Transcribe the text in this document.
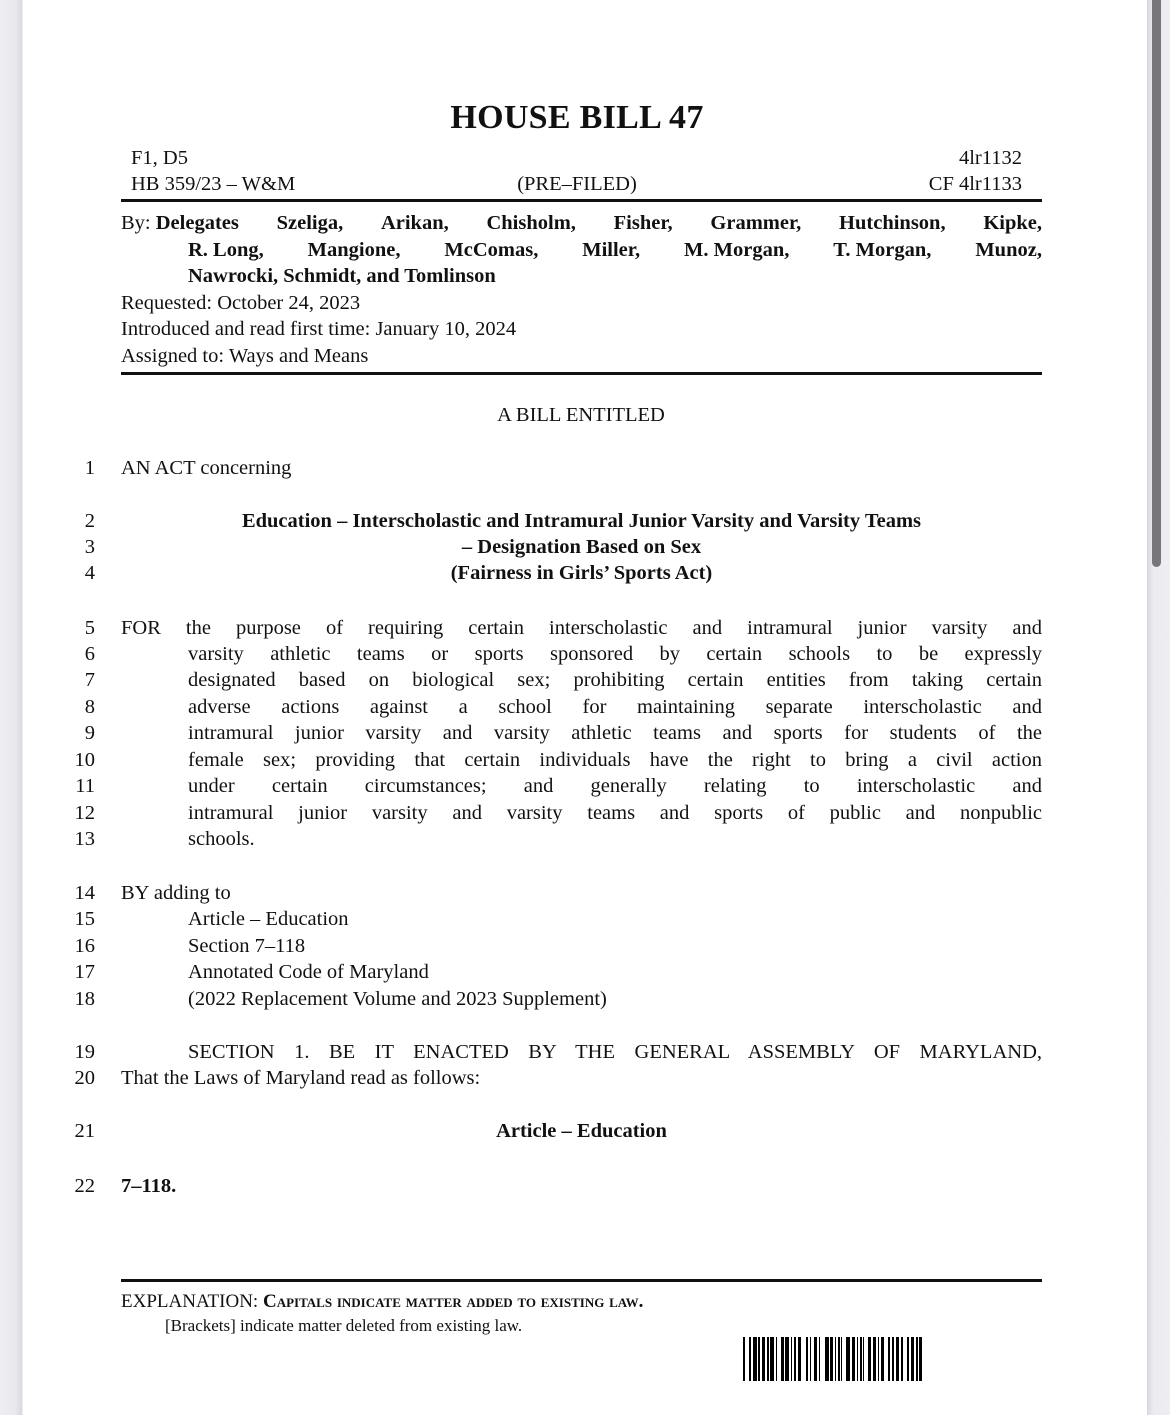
HOUSE BILL 47
F1, D5
HB 359/23 – W&M	(PRE–FILED)
4lr1132
CF 4lr1133
By: Delegates Szeliga, Arikan, Chisholm, Fisher, Grammer, Hutchinson, Kipke,
R. Long, Mangione, McComas, Miller, M. Morgan, T. Morgan, Munoz,
Nawrocki, Schmidt, and Tomlinson
Requested: October 24, 2023
Introduced and read first time: January 10, 2024
Assigned to: Ways and Means
A BILL ENTITLED
1
2
3
4
5
6
7
8
9
10
11
12
13
14
15
16
17
18
19
20
21
22
AN ACT concerning
Education – Interscholastic and Intramural Junior Varsity and Varsity Teams
– Designation Based on Sex
(Fairness in Girls’ Sports Act)
FOR the purpose of requiring certain interscholastic and intramural junior varsity and
varsity athletic teams or sports sponsored by certain schools to be expressly
designated based on biological sex; prohibiting certain entities from taking certain
adverse actions against a school for maintaining separate interscholastic and
intramural junior varsity and varsity athletic teams and sports for students of the
female sex; providing that certain individuals have the right to bring a civil action
under certain circumstances; and generally relating to interscholastic and
intramural junior varsity and varsity teams and sports of public and nonpublic
schools.
BY adding to
Article – Education
Section 7–118
Annotated Code of Maryland
(2022 Replacement Volume and 2023 Supplement)
SECTION 1. BE IT ENACTED BY THE GENERAL ASSEMBLY OF MARYLAND,
That the Laws of Maryland read as follows:
Article – Education
7–118.
EXPLANATION: Capitals indicate matter added to existing law.
[Brackets] indicate matter deleted from existing law.
